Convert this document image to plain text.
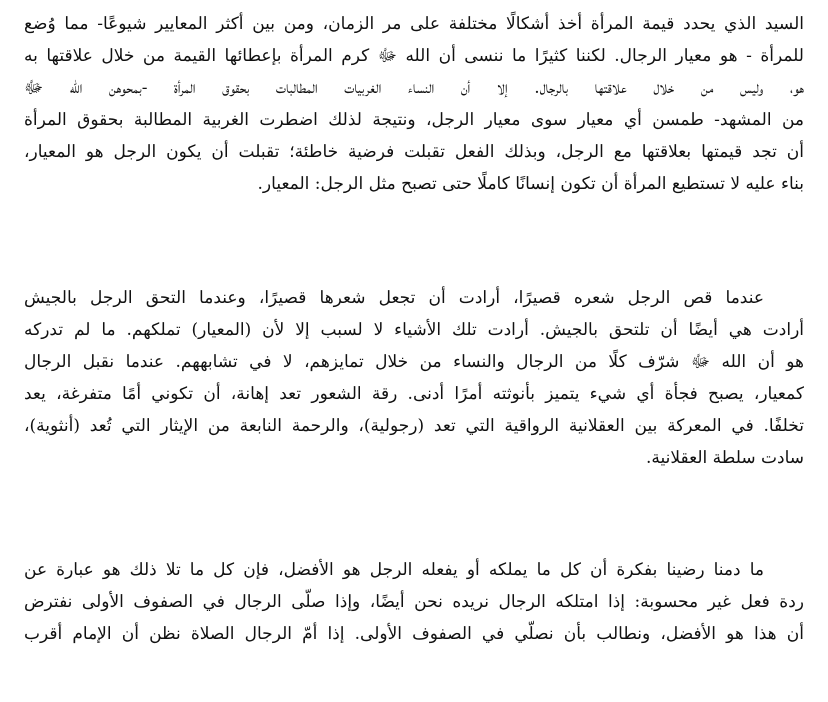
السيد الذي يحدد قيمة المرأة أخذ أشكالًا مختلفة على مر الزمان، ومن بين أكثر المعايير شيوعًا- مما وُضع
للمرأة - هو معيار الرجال. لكننا كثيرًا ما ننسى أن الله ﷻ كرم المرأة بإعطائها القيمة من خلال علاقتها به
هو، وليس من خلال علاقتها بالرجال. إلا أن النساء الغربيات المطالبات بحقوق المرأة -بمحوهن الله ﷻ
من المشهد- طمسن أي معيار سوى معيار الرجل، ونتيجة لذلك اضطرت الغربية المطالبة بحقوق المرأة
أن تجد قيمتها بعلاقتها مع الرجل، وبذلك الفعل تقبلت فرضية خاطئة؛ تقبلت أن يكون الرجل هو المعيار،
بناء عليه لا تستطيع المرأة أن تكون إنسانًا كاملًا حتى تصبح مثل الرجل: المعيار.
عندما قص الرجل شعره قصيرًا، أرادت أن تجعل شعرها قصيرًا، وعندما التحق الرجل بالجيش
أرادت هي أيضًا أن تلتحق بالجيش. أرادت تلك الأشياء لا لسبب إلا لأن (المعيار) تملكهم. ما لم تدركه
هو أن الله ﷻ شرّف كلًا من الرجال والنساء من خلال تمايزهم، لا في تشابههم. عندما نقبل الرجال
كمعيار، يصبح فجأة أي شيء يتميز بأنوثته أمرًا أدنى. رقة الشعور تعد إهانة، أن تكوني أمًا متفرغة، يعد
تخلفًا. في المعركة بين العقلانية الرواقية التي تعد (رجولية)، والرحمة النابعة من الإيثار التي تُعد (أنثوية)،
سادت سلطة العقلانية.
ما دمنا رضينا بفكرة أن كل ما يملكه أو يفعله الرجل هو الأفضل، فإن كل ما تلا ذلك هو عبارة عن
ردة فعل غير محسوبة: إذا امتلكه الرجال نريده نحن أيضًا، وإذا صلّى الرجال في الصفوف الأولى نفترض
أن هذا هو الأفضل، ونطالب بأن نصلّي في الصفوف الأولى. إذا أمّ الرجال الصلاة نظن أن الإمام أقرب
